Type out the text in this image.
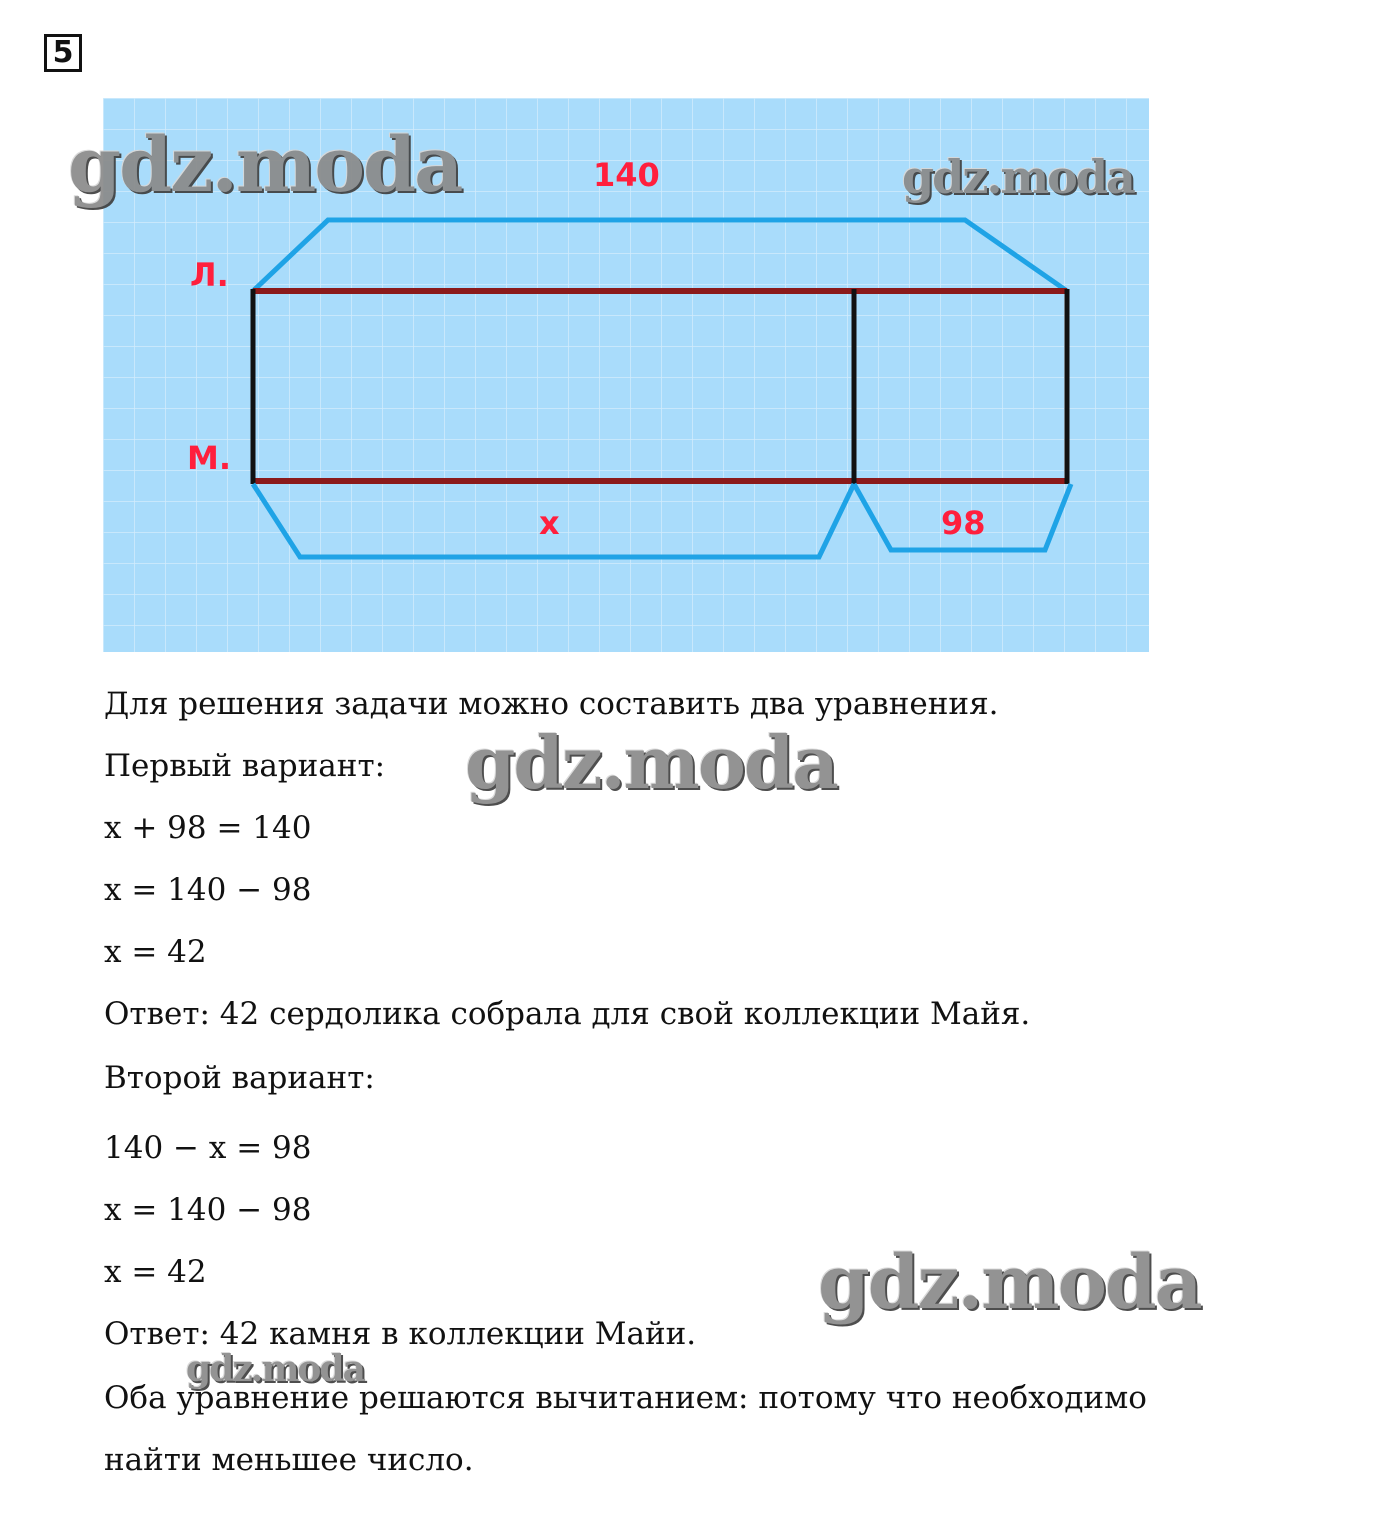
5
140
Л.
М.
х	98
Для решения задачи можно составить два уравнения.
Первый вариант:
x + 98 = 140
x = 140 − 98
x = 42
Ответ: 42 сердолика собрала для свой коллекции Майя.
Второй вариант:
140 − x = 98
x = 140 − 98
x = 42
Ответ: 42 камня в коллекции Майи.
Оба уравнение решаются вычитанием: потому что необходимо
найти меньшее число.
gdz.moda	gdz.moda
gdz.moda
gdz.moda
gdz.moda
